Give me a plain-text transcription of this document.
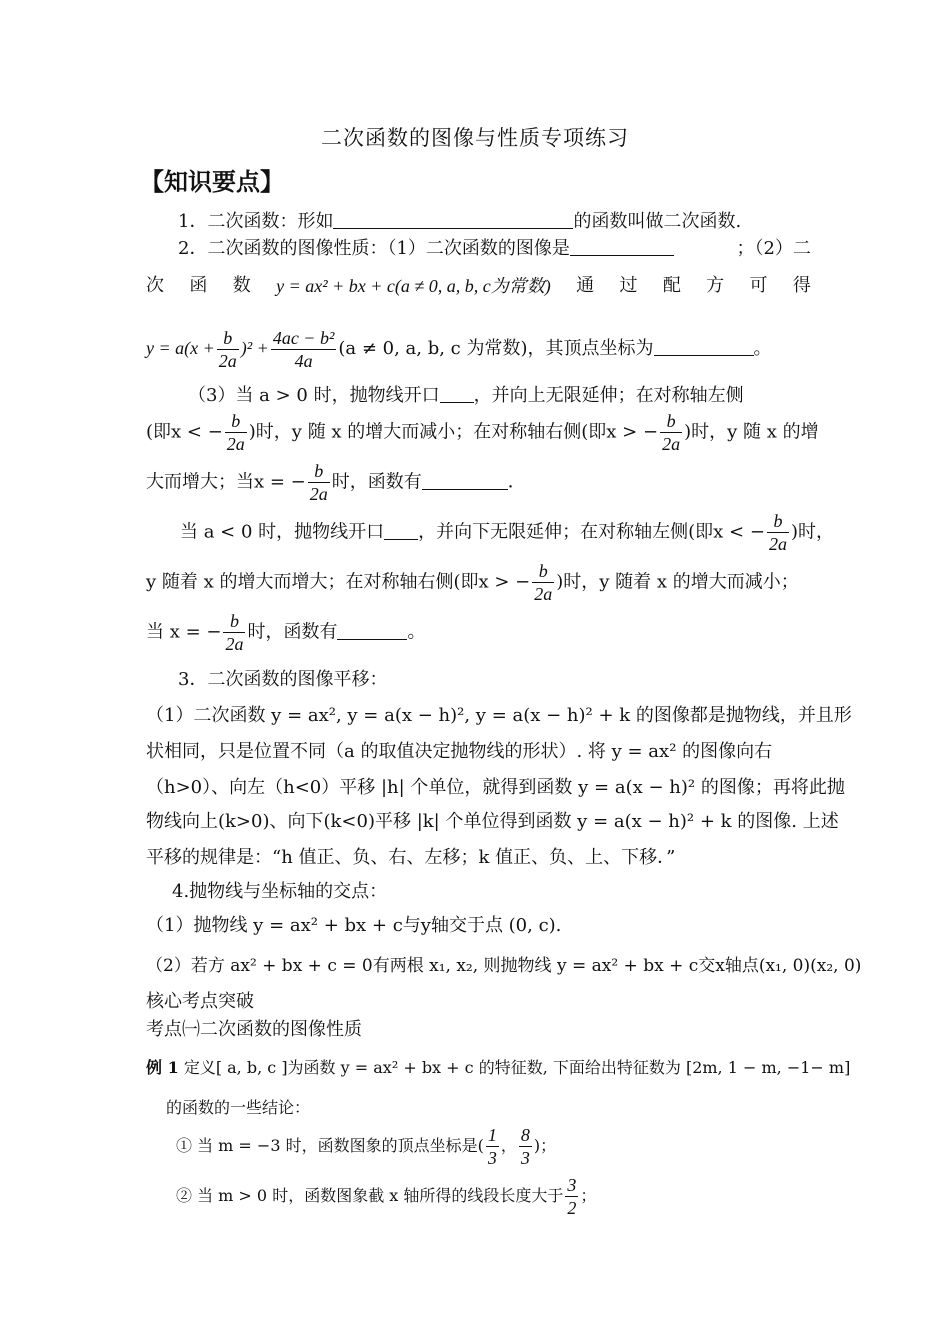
二次函数的图像与性质专项练习
【知识要点】
1．二次函数：形如	的函数叫做二次函数.
2．二次函数的图像性质：（1）二次函数的图像是	；（2）二
次 函 数 y = ax² + bx + c(a ≠ 0, a, b, c为常数) 通 过 配 方 可 得
$y = a(x + \frac{b}{2a} )^2 + \frac{\text{4ac − b²}}{4a} (a \ne 0$, a, b, c 为常数)，其顶点坐标为	。
（3）当 a > 0 时，抛物线开口 ，并向上无限延伸；在对称轴左侧
(即x < − $\frac{b}{2a}$ )时，y 随 x 的增大而减小；在对称轴右侧(即x > − $\frac{b}{2a}$ )时，y 随 x 的增
大而增大；当x = − $\frac{b}{2a}$ 时，函数有	．
当 a < 0 时，抛物线开口 ，并向下无限延伸；在对称轴左侧(即x < − $\frac{b}{2a}$ )时，
y 随着 x 的增大而增大；在对称轴右侧(即x > − $\frac{b}{2a}$ )时，y 随着 x 的增大而减小；
当 x = − $\frac{b}{2a}$ 时，函数有	。
3．二次函数的图像平移：
（1）二次函数 y = ax², y = a(x − h)², y = a(x − h)² + k 的图像都是抛物线，并且形
状相同，只是位置不同（a 的取值决定抛物线的形状）. 将 y = ax² 的图像向右
（h>0）、向左（h<0）平移 |h| 个单位，就得到函数 y = a(x − h)² 的图像；再将此抛
物线向上(k>0)、向下(k<0)平移 |k| 个单位得到函数 y = a(x − h)² + k 的图像. 上述
平移的规律是：“h 值正、负、右、左移；k 值正、负、上、下移．”
4.抛物线与坐标轴的交点：
（1）抛物线 y = ax² + bx + c与y轴交于点 (0, c).
（2）若方 ax² + bx + c = 0有两根 x₁, x₂, 则抛物线 y = ax² + bx + c交x轴点(x₁, 0)(x₂, 0)
核心考点突破
考点㈠二次函数的图像性质
例 1 定义[ a, b, c ]为函数 y = ax² + bx + c 的特征数, 下面给出特征数为 [2m, 1 − m, −1− m]
的函数的一些结论：
① 当 m = −3 时，函数图象的顶点坐标是( $\frac{1}{3}$ ， $\frac{8}{3}$ )；
② 当 m > 0 时，函数图象截 x 轴所得的线段长度大于 $\frac{3}{2}$ ；
